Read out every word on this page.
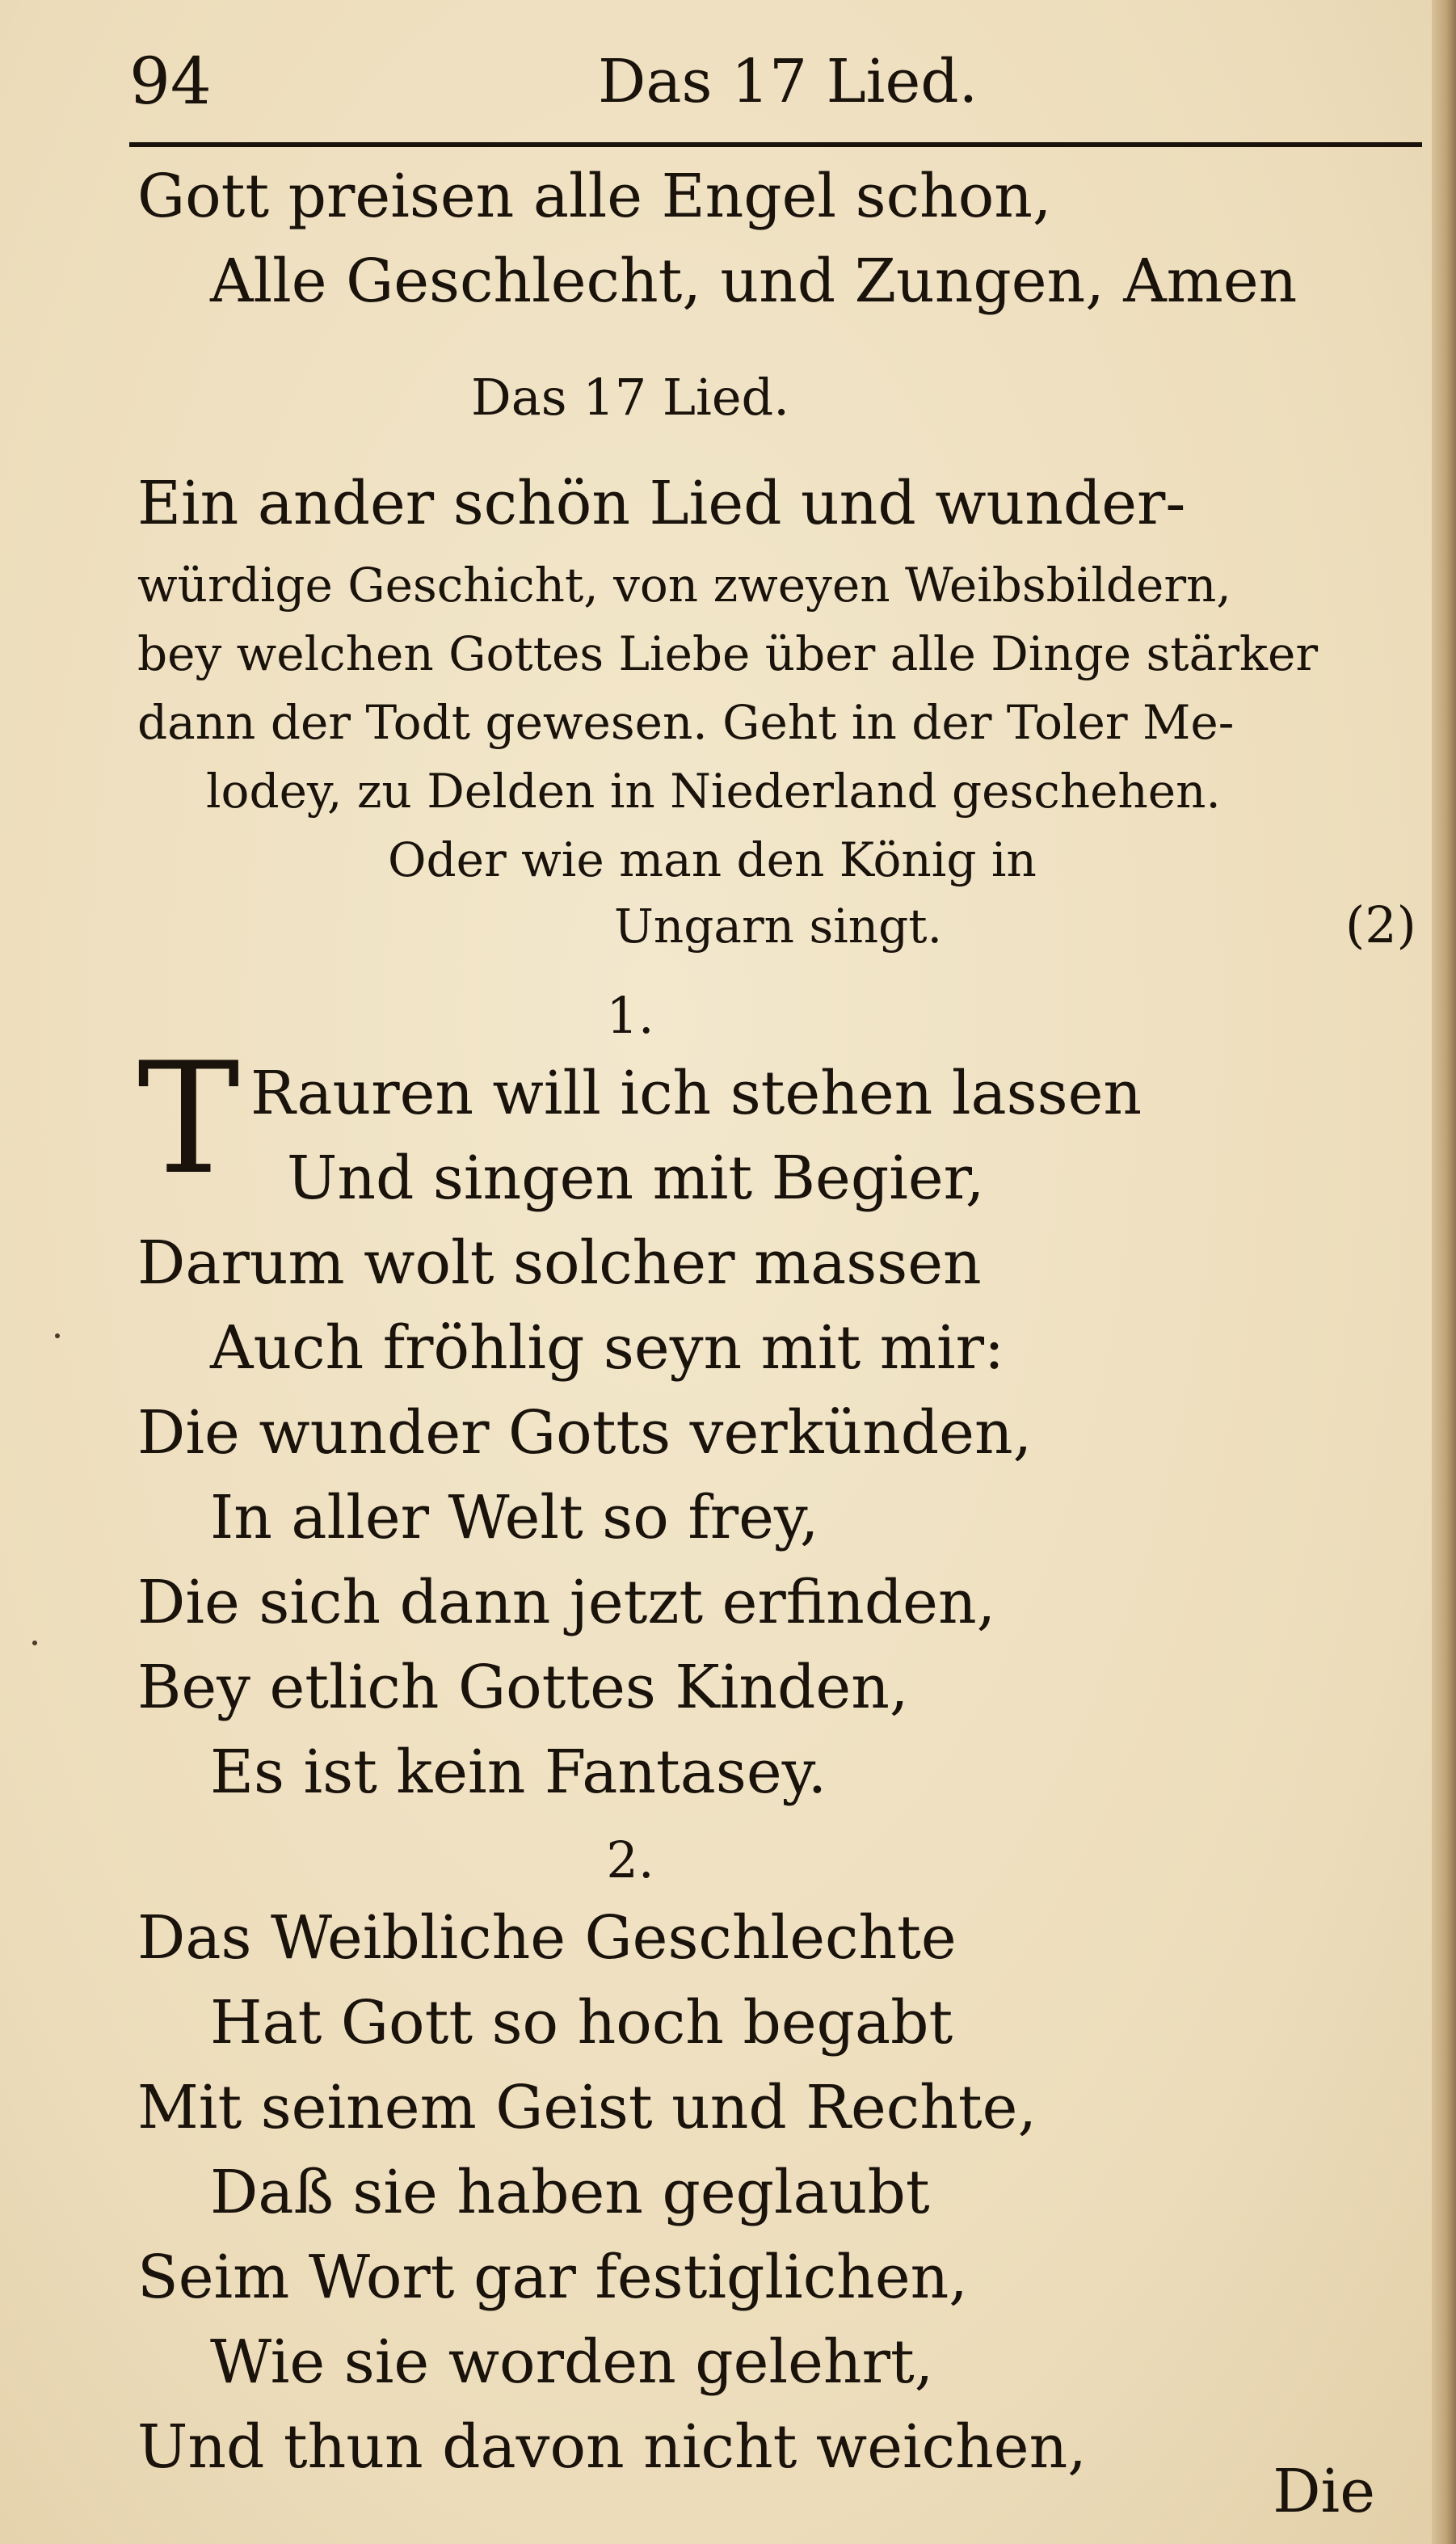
94	Das 17 Lied.
Gott preisen alle Engel schon,
Alle Geschlecht, und Zungen, Amen
Das 17 Lied.
Ein ander schön Lied und wunder-
würdige Geschicht, von zweyen Weibsbildern,
bey welchen Gottes Liebe über alle Dinge stärker
dann der Todt gewesen. Geht in der Toler Me-
lodey, zu Delden in Niederland geschehen.
Oder wie man den König in
Ungarn singt.	(2)
1.
T Rauren will ich stehen lassen
Und singen mit Begier,
Darum wolt solcher massen
Auch fröhlig seyn mit mir:
Die wunder Gotts verkünden,
In aller Welt so frey,
Die sich dann jetzt erfinden,
Bey etlich Gottes Kinden,
Es ist kein Fantasey.
2.
Das Weibliche Geschlechte
Hat Gott so hoch begabt
Mit seinem Geist und Rechte,
Daß sie haben geglaubt
Seim Wort gar festiglichen,
Wie sie worden gelehrt,
Und thun davon nicht weichen,
Die
